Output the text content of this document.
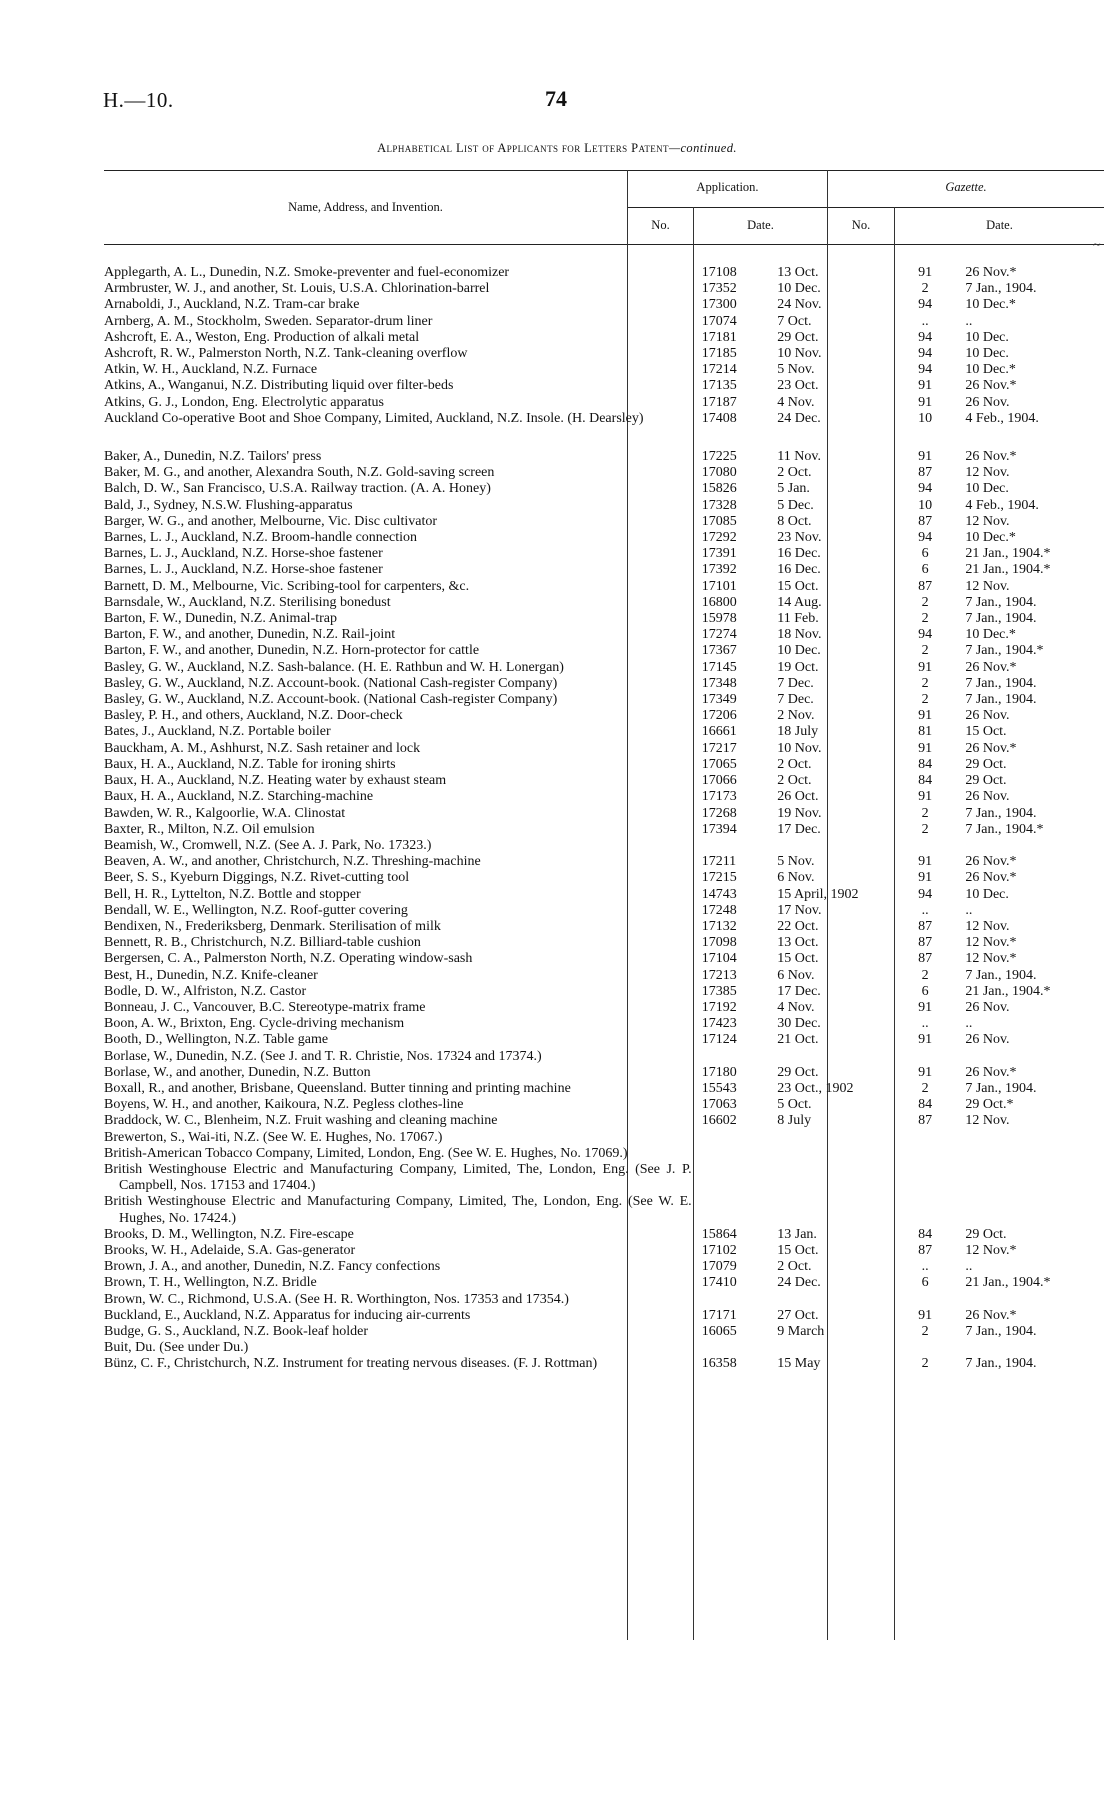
H.—10.	74
Alphabetical List of Applicants for Letters Patent—continued.
Name, Address, and Invention.
Application.	Gazette.
No.	Date.	No.	Date.
Applegarth, A. L., Dunedin, N.Z. Smoke-preventer and fuel-economizer	17108	13 Oct.	91	26 Nov.*

Armbruster, W. J., and another, St. Louis, U.S.A. Chlorination-barrel	17352	10 Dec.	2	7 Jan., 1904.

Arnaboldi, J., Auckland, N.Z. Tram-car brake	17300	24 Nov.	94	10 Dec.*

Arnberg, A. M., Stockholm, Sweden. Separator-drum liner	17074	7 Oct.	..	..

Ashcroft, E. A., Weston, Eng. Production of alkali metal	17181	29 Oct.	94	10 Dec.

Ashcroft, R. W., Palmerston North, N.Z. Tank-cleaning overflow	17185	10 Nov.	94	10 Dec.

Atkin, W. H., Auckland, N.Z. Furnace	17214	5 Nov.	94	10 Dec.*

Atkins, A., Wanganui, N.Z. Distributing liquid over filter-beds	17135	23 Oct.	91	26 Nov.*

Atkins, G. J., London, Eng. Electrolytic apparatus	17187	4 Nov.	91	26 Nov.

Auckland Co-operative Boot and Shoe Company, Limited, Auckland, N.Z. Insole. (H. Dearsley)	17408	24 Dec.	10	4 Feb., 1904.

Baker, A., Dunedin, N.Z. Tailors' press	17225	11 Nov.	91	26 Nov.*

Baker, M. G., and another, Alexandra South, N.Z. Gold-saving screen	17080	2 Oct.	87	12 Nov.

Balch, D. W., San Francisco, U.S.A. Railway traction. (A. A. Honey)	15826	5 Jan.	94	10 Dec.

Bald, J., Sydney, N.S.W. Flushing-apparatus	17328	5 Dec.	10	4 Feb., 1904.

Barger, W. G., and another, Melbourne, Vic. Disc cultivator	17085	8 Oct.	87	12 Nov.

Barnes, L. J., Auckland, N.Z. Broom-handle connection	17292	23 Nov.	94	10 Dec.*

Barnes, L. J., Auckland, N.Z. Horse-shoe fastener	17391	16 Dec.	6	21 Jan., 1904.*

Barnes, L. J., Auckland, N.Z. Horse-shoe fastener	17392	16 Dec.	6	21 Jan., 1904.*

Barnett, D. M., Melbourne, Vic. Scribing-tool for carpenters, &c.	17101	15 Oct.	87	12 Nov.

Barnsdale, W., Auckland, N.Z. Sterilising bonedust	16800	14 Aug.	2	7 Jan., 1904.

Barton, F. W., Dunedin, N.Z. Animal-trap	15978	11 Feb.	2	7 Jan., 1904.

Barton, F. W., and another, Dunedin, N.Z. Rail-joint	17274	18 Nov.	94	10 Dec.*

Barton, F. W., and another, Dunedin, N.Z. Horn-protector for cattle	17367	10 Dec.	2	7 Jan., 1904.*

Basley, G. W., Auckland, N.Z. Sash-balance. (H. E. Rathbun and W. H. Lonergan)	17145	19 Oct.	91	26 Nov.*

Basley, G. W., Auckland, N.Z. Account-book. (National Cash-register Company)	17348	7 Dec.	2	7 Jan., 1904.

Basley, G. W., Auckland, N.Z. Account-book. (National Cash-register Company)	17349	7 Dec.	2	7 Jan., 1904.

Basley, P. H., and others, Auckland, N.Z. Door-check	17206	2 Nov.	91	26 Nov.

Bates, J., Auckland, N.Z. Portable boiler	16661	18 July	81	15 Oct.

Bauckham, A. M., Ashhurst, N.Z. Sash retainer and lock	17217	10 Nov.	91	26 Nov.*

Baux, H. A., Auckland, N.Z. Table for ironing shirts	17065	2 Oct.	84	29 Oct.

Baux, H. A., Auckland, N.Z. Heating water by exhaust steam	17066	2 Oct.	84	29 Oct.

Baux, H. A., Auckland, N.Z. Starching-machine	17173	26 Oct.	91	26 Nov.

Bawden, W. R., Kalgoorlie, W.A. Clinostat	17268	19 Nov.	2	7 Jan., 1904.

Baxter, R., Milton, N.Z. Oil emulsion	17394	17 Dec.	2	7 Jan., 1904.*

Beamish, W., Cromwell, N.Z. (See A. J. Park, No. 17323.)				

Beaven, A. W., and another, Christchurch, N.Z. Threshing-machine	17211	5 Nov.	91	26 Nov.*

Beer, S. S., Kyeburn Diggings, N.Z. Rivet-cutting tool	17215	6 Nov.	91	26 Nov.*

Bell, H. R., Lyttelton, N.Z. Bottle and stopper	14743	15 April, 1902	94	10 Dec.

Bendall, W. E., Wellington, N.Z. Roof-gutter covering	17248	17 Nov.	..	..

Bendixen, N., Frederiksberg, Denmark. Sterilisation of milk	17132	22 Oct.	87	12 Nov.

Bennett, R. B., Christchurch, N.Z. Billiard-table cushion	17098	13 Oct.	87	12 Nov.*

Bergersen, C. A., Palmerston North, N.Z. Operating window-sash	17104	15 Oct.	87	12 Nov.*

Best, H., Dunedin, N.Z. Knife-cleaner	17213	6 Nov.	2	7 Jan., 1904.

Bodle, D. W., Alfriston, N.Z. Castor	17385	17 Dec.	6	21 Jan., 1904.*

Bonneau, J. C., Vancouver, B.C. Stereotype-matrix frame	17192	4 Nov.	91	26 Nov.

Boon, A. W., Brixton, Eng. Cycle-driving mechanism	17423	30 Dec.	..	..

Booth, D., Wellington, N.Z. Table game	17124	21 Oct.	91	26 Nov.

Borlase, W., Dunedin, N.Z. (See J. and T. R. Christie, Nos. 17324 and 17374.)				

Borlase, W., and another, Dunedin, N.Z. Button	17180	29 Oct.	91	26 Nov.*

Boxall, R., and another, Brisbane, Queensland. Butter tinning and printing machine	15543	23 Oct., 1902	2	7 Jan., 1904.

Boyens, W. H., and another, Kaikoura, N.Z. Pegless clothes-line	17063	5 Oct.	84	29 Oct.*

Braddock, W. C., Blenheim, N.Z. Fruit washing and cleaning machine	16602	8 July	87	12 Nov.

Brewerton, S., Wai-iti, N.Z. (See W. E. Hughes, No. 17067.)				

British-American Tobacco Company, Limited, London, Eng. (See W. E. Hughes, No. 17069.)				

British Westinghouse Electric and Manufacturing Company, Limited, The, London, Eng. (See J. P. Campbell, Nos. 17153 and 17404.)				

British Westinghouse Electric and Manufacturing Company, Limited, The, London, Eng. (See W. E. Hughes, No. 17424.)				

Brooks, D. M., Wellington, N.Z. Fire-escape	15864	13 Jan.	84	29 Oct.

Brooks, W. H., Adelaide, S.A. Gas-generator	17102	15 Oct.	87	12 Nov.*

Brown, J. A., and another, Dunedin, N.Z. Fancy confections	17079	2 Oct.	..	..

Brown, T. H., Wellington, N.Z. Bridle	17410	24 Dec.	6	21 Jan., 1904.*

Brown, W. C., Richmond, U.S.A. (See H. R. Worthington, Nos. 17353 and 17354.)				

Buckland, E., Auckland, N.Z. Apparatus for inducing air-currents	17171	27 Oct.	91	26 Nov.*

Budge, G. S., Auckland, N.Z. Book-leaf holder	16065	9 March	2	7 Jan., 1904.

Buit, Du. (See under Du.)				

Bünz, C. F., Christchurch, N.Z. Instrument for treating nervous diseases. (F. J. Rottman)	16358	15 May	2	7 Jan., 1904.
~
